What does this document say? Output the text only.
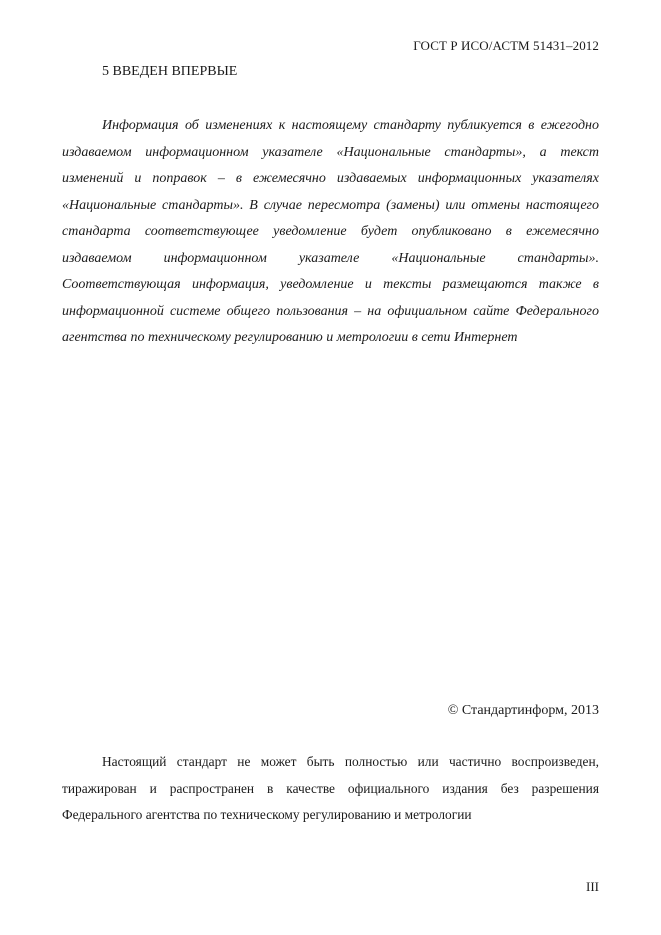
ГОСТ Р ИСО/АСТМ 51431–2012
5 ВВЕДЕН ВПЕРВЫЕ

Информация об изменениях к настоящему стандарту публикуется в ежегодно издаваемом информационном указателе «Национальные стандарты», а текст изменений и поправок – в ежемесячно издаваемых информационных указателях «Национальные стандарты». В случае пересмотра (замены) или отмены настоящего стандарта соответствующее уведомление будет опубликовано в ежемесячно издаваемом информационном указателе «Национальные стандарты». Соответствующая информация, уведомление и тексты размещаются также в информационной системе общего пользования – на официальном сайте Федерального агентства по техническому регулированию и метрологии в сети Интернет

© Стандартинформ, 2013

Настоящий стандарт не может быть полностью или частично воспроизведен, тиражирован и распространен в качестве официального издания без разрешения Федерального агентства по техническому регулированию и метрологии

III
